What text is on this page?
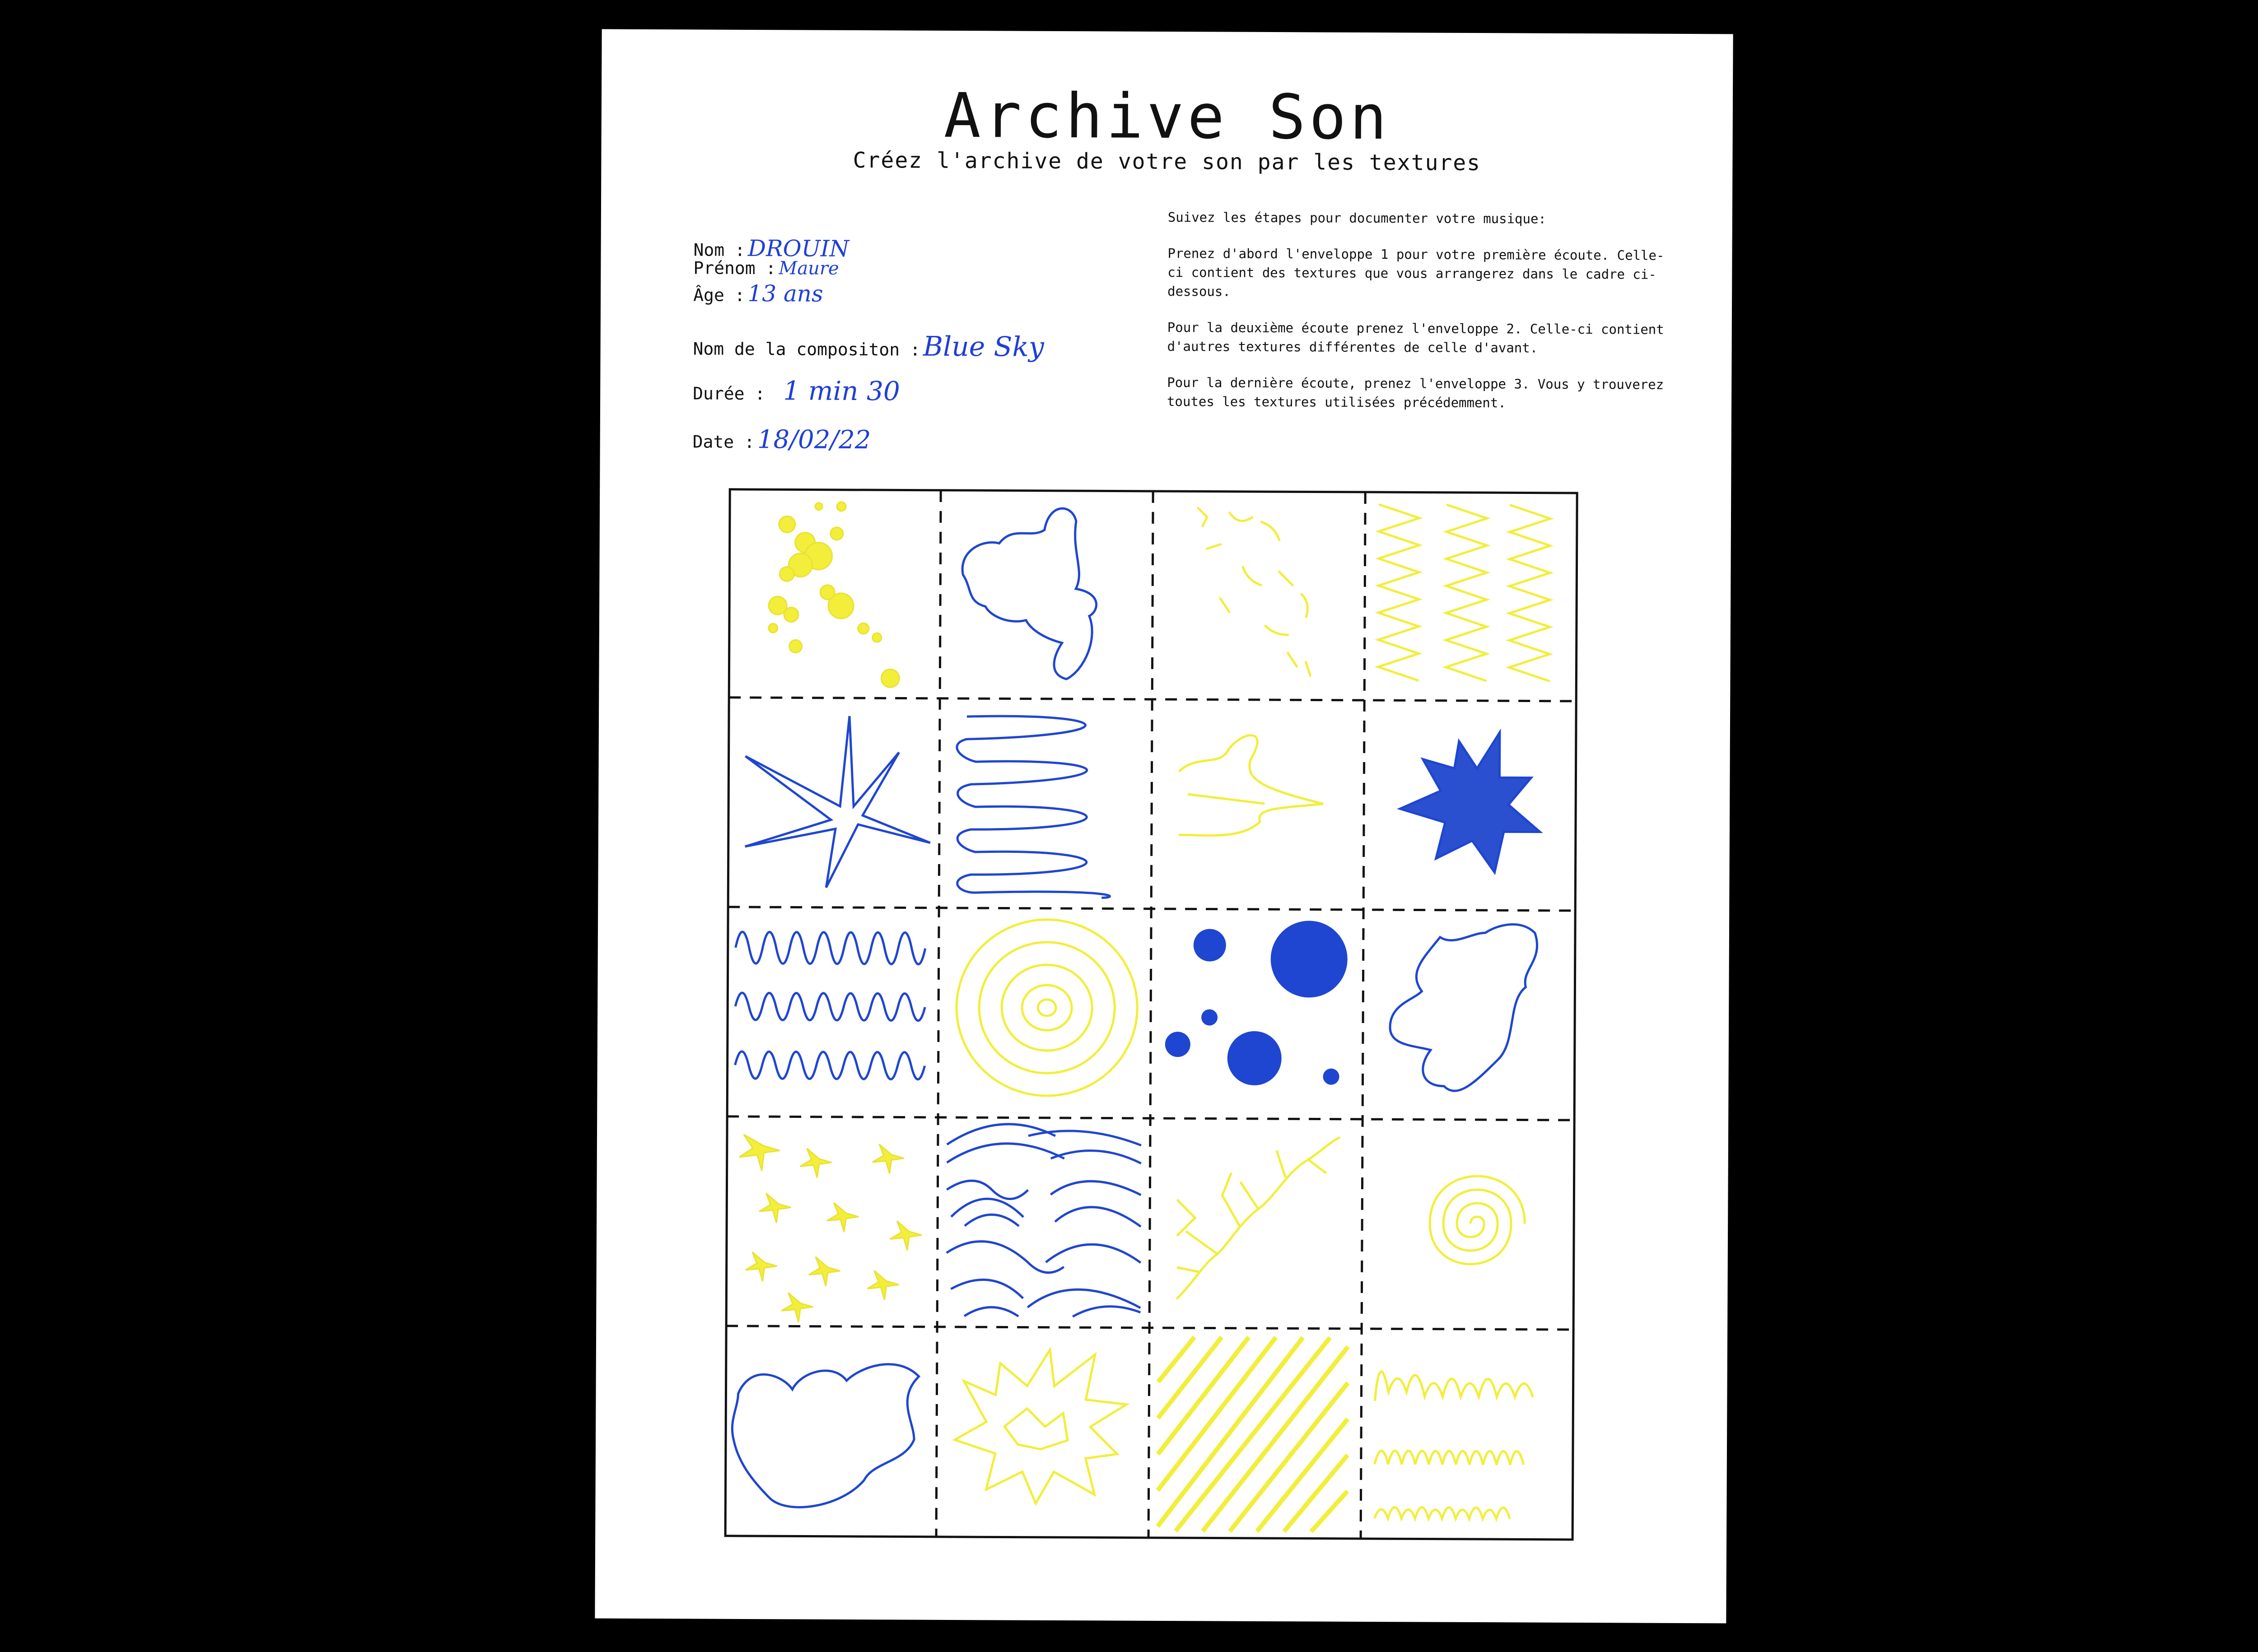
Archive Son
Créez l'archive de votre son par les textures
Nom : DROUIN
Prénom : Maure
Âge : 13 ans
Nom de la compositon :Blue Sky
Durée : 1 min 30
Date : 18/02/22

Suivez les étapes pour documenter votre musique:

Prenez d'abord l'enveloppe 1 pour votre première écoute. Celle-ci contient des textures que vous arrangerez dans le cadre ci-dessous.

Pour la deuxième écoute prenez l'enveloppe 2. Celle-ci contient d'autres textures différentes de celle d'avant.

Pour la dernière écoute, prenez l'enveloppe 3. Vous y trouverez toutes les textures utilisées précédemment.
